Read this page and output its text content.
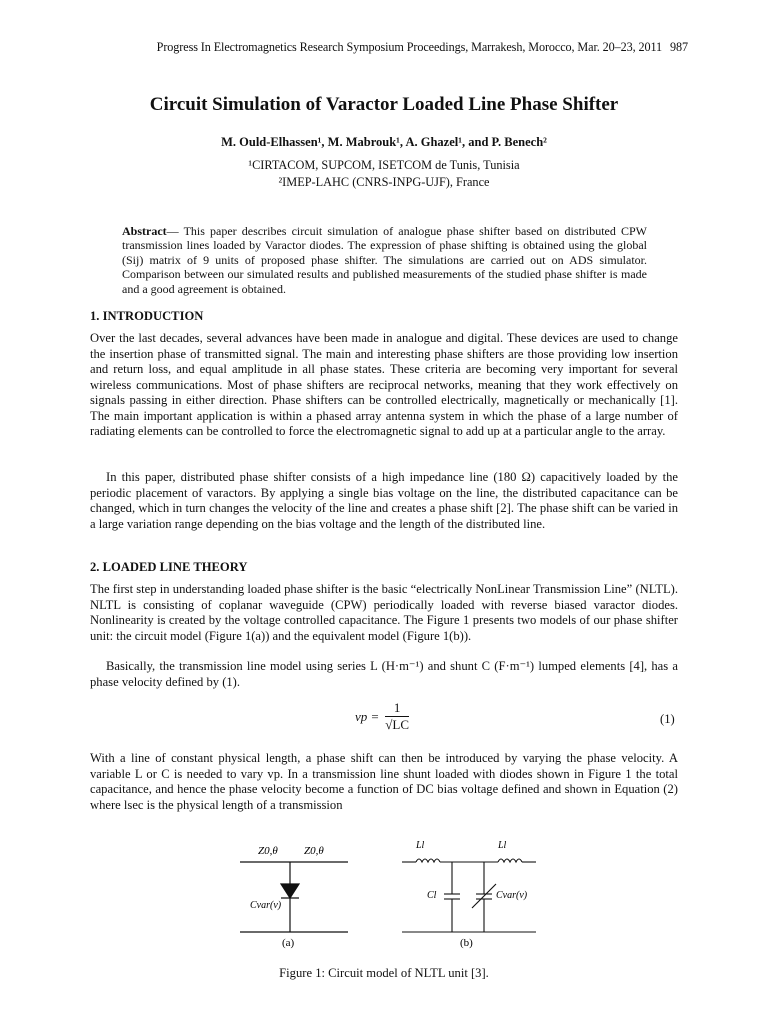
Progress In Electromagnetics Research Symposium Proceedings, Marrakesh, Morocco, Mar. 20–23, 2011 987
Circuit Simulation of Varactor Loaded Line Phase Shifter
M. Ould-Elhassen¹, M. Mabrouk¹, A. Ghazel¹, and P. Benech²
¹CIRTACOM, SUPCOM, ISETCOM de Tunis, Tunisia
²IMEP-LAHC (CNRS-INPG-UJF), France

Abstract— This paper describes circuit simulation of analogue phase shifter based on distributed CPW transmission lines loaded by Varactor diodes. The expression of phase shifting is obtained using the global (Sij) matrix of 9 units of proposed phase shifter. The simulations are carried out on ADS simulator. Comparison between our simulated results and published measurements of the studied phase shifter is made and a good agreement is obtained.

1. INTRODUCTION

Over the last decades, several advances have been made in analogue and digital. These devices are used to change the insertion phase of transmitted signal. The main and interesting phase shifters are those providing low insertion and return loss, and equal amplitude in all phase states. These criteria are becoming very important for several wireless communications. Most of phase shifters are reciprocal networks, meaning that they work effectively on signals passing in either direction. Phase shifters can be controlled electrically, magnetically or mechanically [1]. The main important application is within a phased array antenna system in which the phase of a large number of radiating elements can be controlled to force the electromagnetic signal to add up at a particular angle to the array.

In this paper, distributed phase shifter consists of a high impedance line (180 Ω) capacitively loaded by the periodic placement of varactors. By applying a single bias voltage on the line, the distributed capacitance can be changed, which in turn changes the velocity of the line and creates a phase shift [2]. The phase shift can be varied in a large variation range depending on the bias voltage and the length of the distributed line.

2. LOADED LINE THEORY

The first step in understanding loaded phase shifter is the basic “electrically NonLinear Transmission Line” (NLTL). NLTL is consisting of coplanar waveguide (CPW) periodically loaded with reverse biased varactor diodes. Nonlinearity is created by the voltage controlled capacitance. The Figure 1 presents two models of our phase shifter unit: the circuit model (Figure 1(a)) and the equivalent model (Figure 1(b)).

Basically, the transmission line model using series L (H·m⁻¹) and shunt C (F·m⁻¹) lumped elements [4], has a phase velocity defined by (1).

vp = $\frac{1}{√LC}$	(1)

With a line of constant physical length, a phase shift can then be introduced by varying the phase velocity. A variable L or C is needed to vary vp. In a transmission line shunt loaded with diodes shown in Figure 1 the total capacitance, and hence the phase velocity become a function of DC bias voltage defined and shown in Equation (2) where lsec is the physical length of a transmission

Z0,θ Z0,θ
Cvar(v)
(a)
Ll	Ll
Cl	Cvar(v)
(b)
Figure 1: Circuit model of NLTL unit [3].
